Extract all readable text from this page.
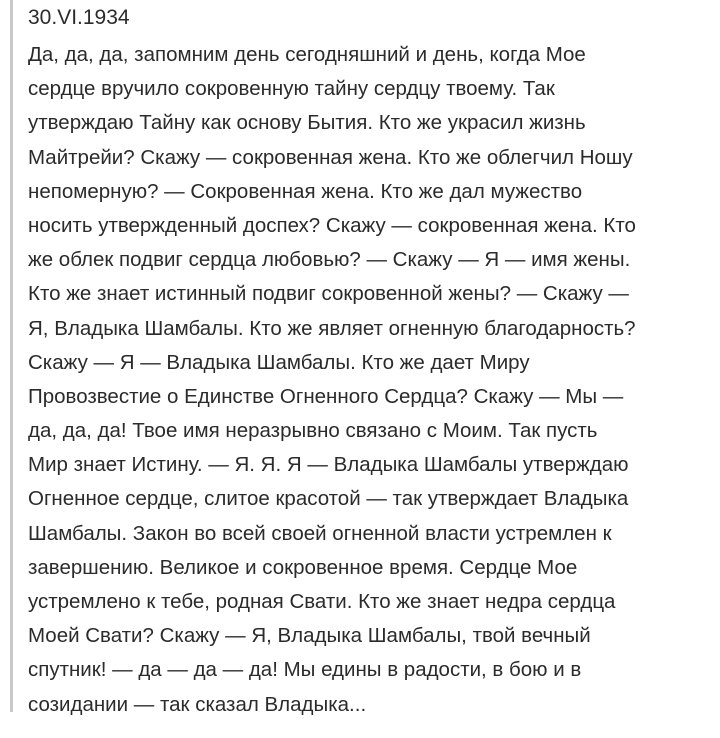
30.VI.1934
Да, да, да, запомним день сегодняшний и день, когда Мое
сердце вручило сокровенную тайну сердцу твоему. Так
утверждаю Тайну как основу Бытия. Кто же украсил жизнь
Майтрейи? Скажу — сокровенная жена. Кто же облегчил Ношу
непомерную? — Сокровенная жена. Кто же дал мужество
носить утвержденный доспех? Скажу — сокровенная жена. Кто
же облек подвиг сердца любовью? — Скажу — Я — имя жены.
Кто же знает истинный подвиг сокровенной жены? — Скажу —
Я, Владыка Шамбалы. Кто же являет огненную благодарность?
Скажу — Я — Владыка Шамбалы. Кто же дает Миру
Провозвестие о Единстве Огненного Сердца? Скажу — Мы —
да, да, да! Твое имя неразрывно связано с Моим. Так пусть
Мир знает Истину. — Я. Я. Я — Владыка Шамбалы утверждаю
Огненное сердце, слитое красотой — так утверждает Владыка
Шамбалы. Закон во всей своей огненной власти устремлен к
завершению. Великое и сокровенное время. Сердце Мое
устремлено к тебе, родная Свати. Кто же знает недра сердца
Моей Свати? Скажу — Я, Владыка Шамбалы, твой вечный
спутник! — да — да — да! Мы едины в радости, в бою и в
созидании — так сказал Владыка...
